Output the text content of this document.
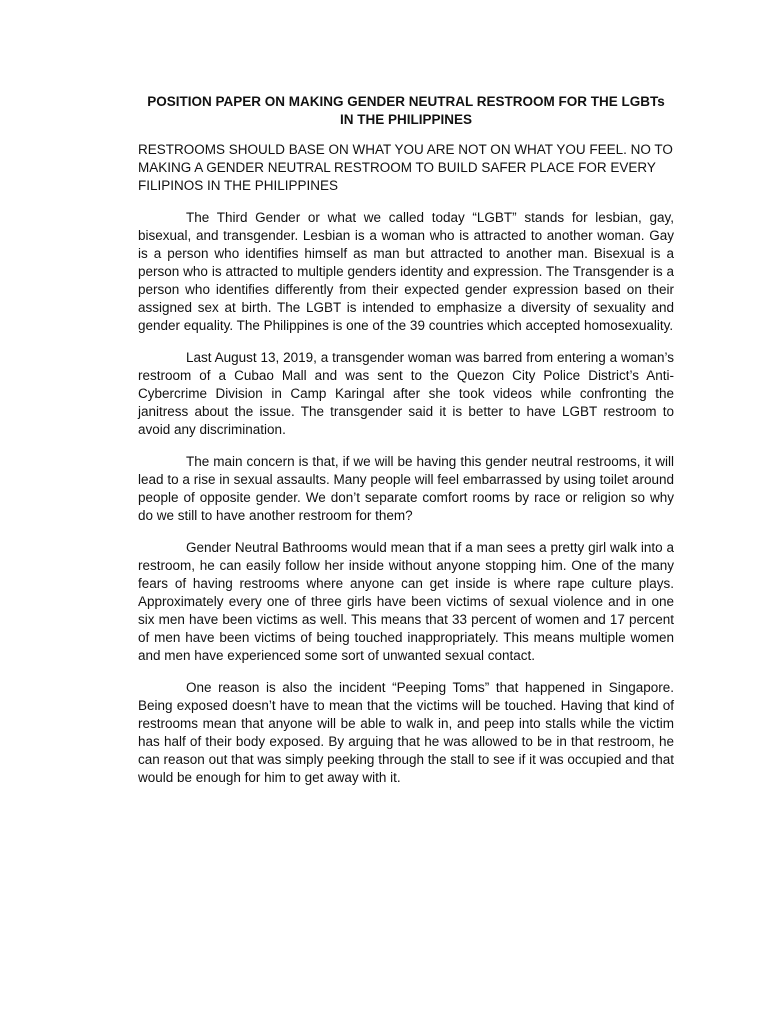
POSITION PAPER ON MAKING GENDER NEUTRAL RESTROOM FOR THE LGBTs
IN THE PHILIPPINES
RESTROOMS SHOULD BASE ON WHAT YOU ARE NOT ON WHAT YOU FEEL. NO TO MAKING A GENDER NEUTRAL RESTROOM TO BUILD SAFER PLACE FOR EVERY FILIPINOS IN THE PHILIPPINES

The Third Gender or what we called today “LGBT” stands for lesbian, gay, bisexual, and transgender. Lesbian is a woman who is attracted to another woman. Gay is a person who identifies himself as man but attracted to another man. Bisexual is a person who is attracted to multiple genders identity and expression. The Transgender is a person who identifies differently from their expected gender expression based on their assigned sex at birth. The LGBT is intended to emphasize a diversity of sexuality and gender equality. The Philippines is one of the 39 countries which accepted homosexuality.

Last August 13, 2019, a transgender woman was barred from entering a woman’s restroom of a Cubao Mall and was sent to the Quezon City Police District’s Anti-Cybercrime Division in Camp Karingal after she took videos while confronting the janitress about the issue. The transgender said it is better to have LGBT restroom to avoid any discrimination.

The main concern is that, if we will be having this gender neutral restrooms, it will lead to a rise in sexual assaults. Many people will feel embarrassed by using toilet around people of opposite gender. We don’t separate comfort rooms by race or religion so why do we still to have another restroom for them?

Gender Neutral Bathrooms would mean that if a man sees a pretty girl walk into a restroom, he can easily follow her inside without anyone stopping him. One of the many fears of having restrooms where anyone can get inside is where rape culture plays. Approximately every one of three girls have been victims of sexual violence and in one six men have been victims as well. This means that 33 percent of women and 17 percent of men have been victims of being touched inappropriately. This means multiple women and men have experienced some sort of unwanted sexual contact.

One reason is also the incident “Peeping Toms” that happened in Singapore. Being exposed doesn’t have to mean that the victims will be touched. Having that kind of restrooms mean that anyone will be able to walk in, and peep into stalls while the victim has half of their body exposed. By arguing that he was allowed to be in that restroom, he can reason out that was simply peeking through the stall to see if it was occupied and that would be enough for him to get away with it.
